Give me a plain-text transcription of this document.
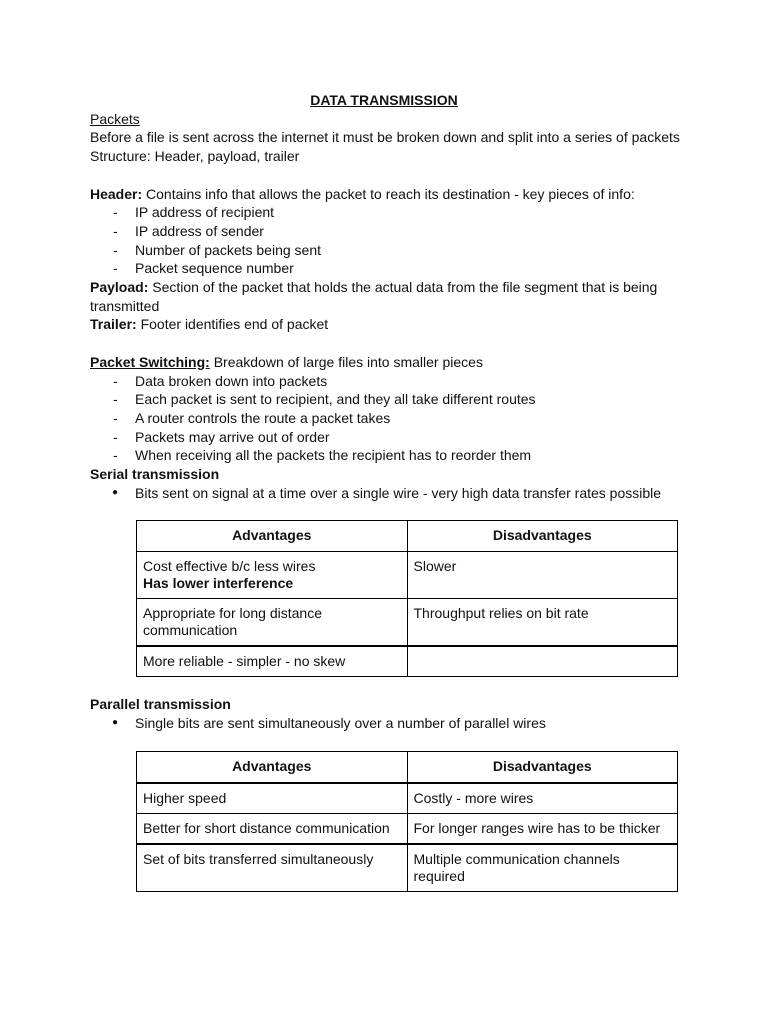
DATA TRANSMISSION

Packets

Before a file is sent across the internet it must be broken down and split into a series of packets

Structure: Header, payload, trailer

Header: Contains info that allows the packet to reach its destination - key pieces of info:

- IP address of recipient
- IP address of sender
- Number of packets being sent
- Packet sequence number

Payload: Section of the packet that holds the actual data from the file segment that is being transmitted

Trailer: Footer identifies end of packet

Packet Switching: Breakdown of large files into smaller pieces

- Data broken down into packets
- Each packet is sent to recipient, and they all take different routes
- A router controls the route a packet takes
- Packets may arrive out of order
- When receiving all the packets the recipient has to reorder them

Serial transmission

● Bits sent on signal at a time over a single wire - very high data transfer rates possible
Advantages	Disadvantages
Cost effective b/c less wires
Has lower interference	Slower
Appropriate for long distance communication	Throughput relies on bit rate
More reliable - simpler - no skew	

Parallel transmission

● Single bits are sent simultaneously over a number of parallel wires
Advantages	Disadvantages
Higher speed	Costly - more wires
Better for short distance communication	For longer ranges wire has to be thicker
Set of bits transferred simultaneously	Multiple communication channels required
